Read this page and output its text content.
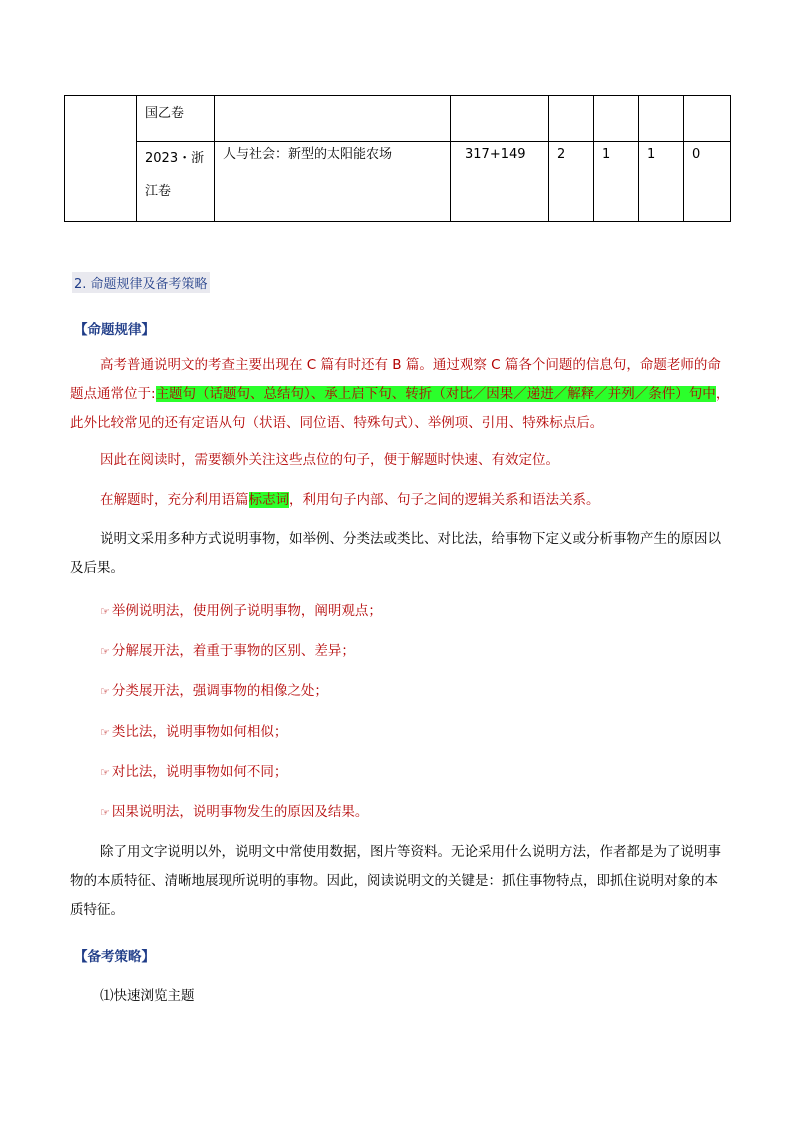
	国乙卷						

	2023・浙江卷	人与社会：新型的太阳能农场	317+149	2	1	1	0
2. 命题规律及备考策略
【命题规律】
高考普通说明文的考查主要出现在 C 篇有时还有 B 篇。通过观察 C 篇各个问题的信息句，命题老师的命题点通常位于:主题句（话题句、总结句）、承上启下句、转折（对比／因果／递进／解释／并列／条件）句中，此外比较常见的还有定语从句（状语、同位语、特殊句式）、举例项、引用、特殊标点后。
因此在阅读时，需要额外关注这些点位的句子，便于解题时快速、有效定位。
在解题时，充分利用语篇标志词，利用句子内部、句子之间的逻辑关系和语法关系。
说明文采用多种方式说明事物，如举例、分类法或类比、对比法，给事物下定义或分析事物产生的原因以及后果。
☞ 举例说明法，使用例子说明事物，阐明观点；
☞ 分解展开法，着重于事物的区别、差异；
☞ 分类展开法，强调事物的相像之处；
☞ 类比法，说明事物如何相似；
☞ 对比法，说明事物如何不同；
☞ 因果说明法，说明事物发生的原因及结果。
除了用文字说明以外，说明文中常使用数据，图片等资料。无论采用什么说明方法，作者都是为了说明事物的本质特征、清晰地展现所说明的事物。因此，阅读说明文的关键是：抓住事物特点，即抓住说明对象的本质特征。
【备考策略】
⑴快速浏览主题
